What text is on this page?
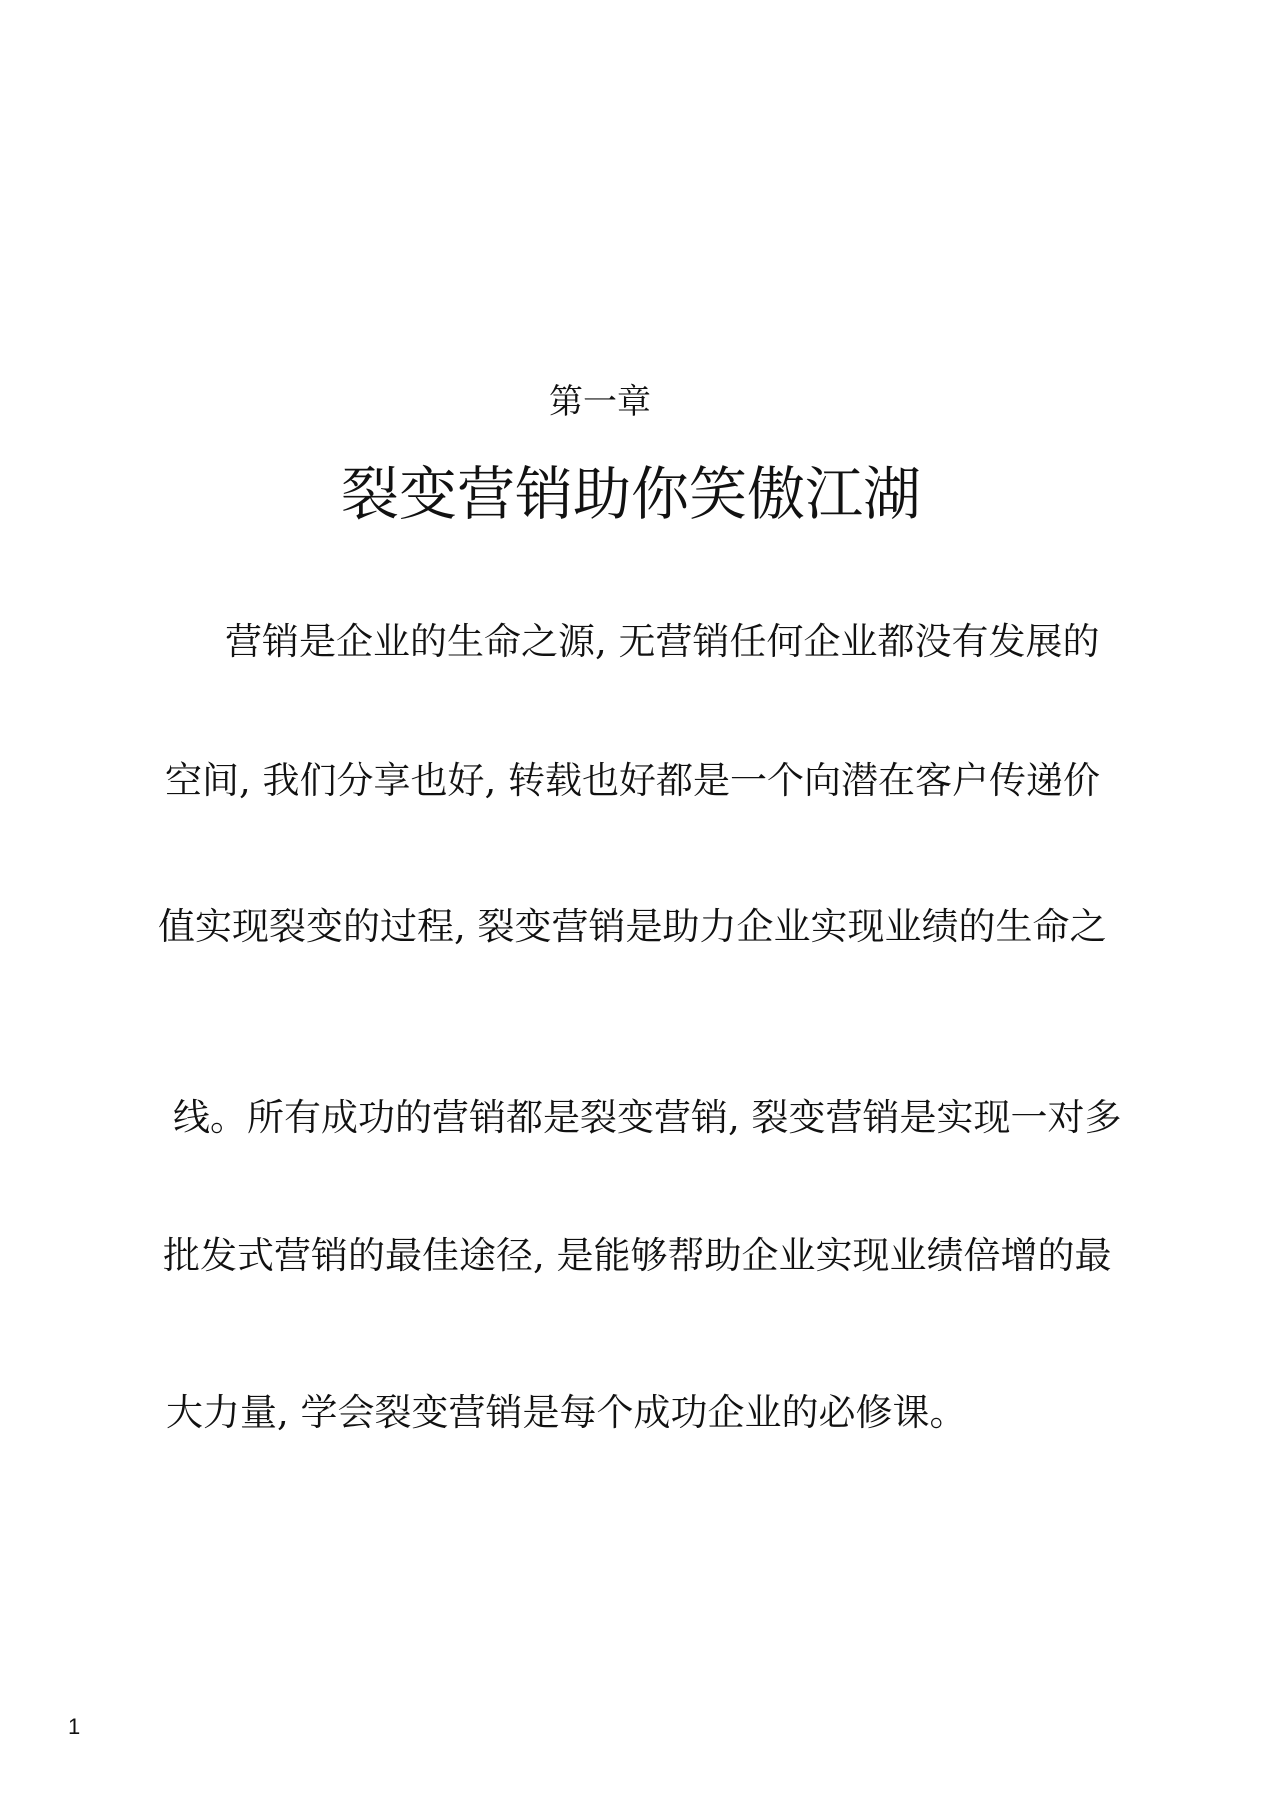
第一章
裂变营销助你笑傲江湖
营销是企业的生命之源, 无营销任何企业都没有发展的
空间, 我们分享也好, 转载也好都是一个向潜在客户传递价
值实现裂变的过程, 裂变营销是助力企业实现业绩的生命之
线。所有成功的营销都是裂变营销, 裂变营销是实现一对多
批发式营销的最佳途径, 是能够帮助企业实现业绩倍增的最
大力量, 学会裂变营销是每个成功企业的必修课。
1
